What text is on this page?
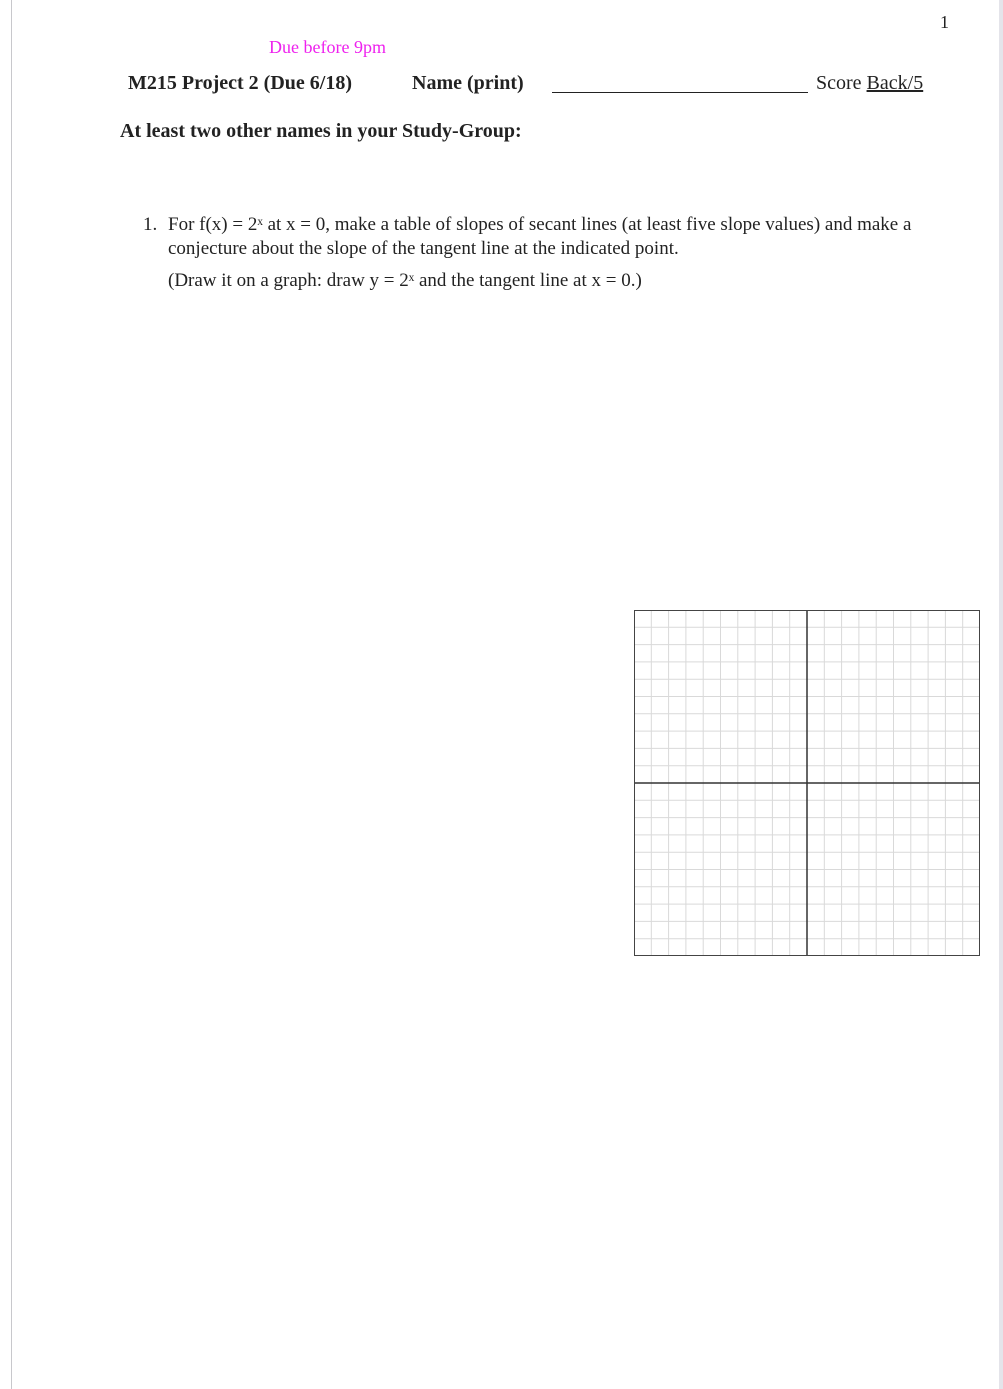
1
Due before 9pm
M215 Project 2 (Due 6/18)	Name (print)	Score Back/5
At least two other names in your Study-Group:
1. For f(x) = 2ˣ at x = 0, make a table of slopes of secant lines (at least five slope values) and make a conjecture about the slope of the tangent line at the indicated point.

(Draw it on a graph: draw y = 2ˣ and the tangent line at x = 0.)
